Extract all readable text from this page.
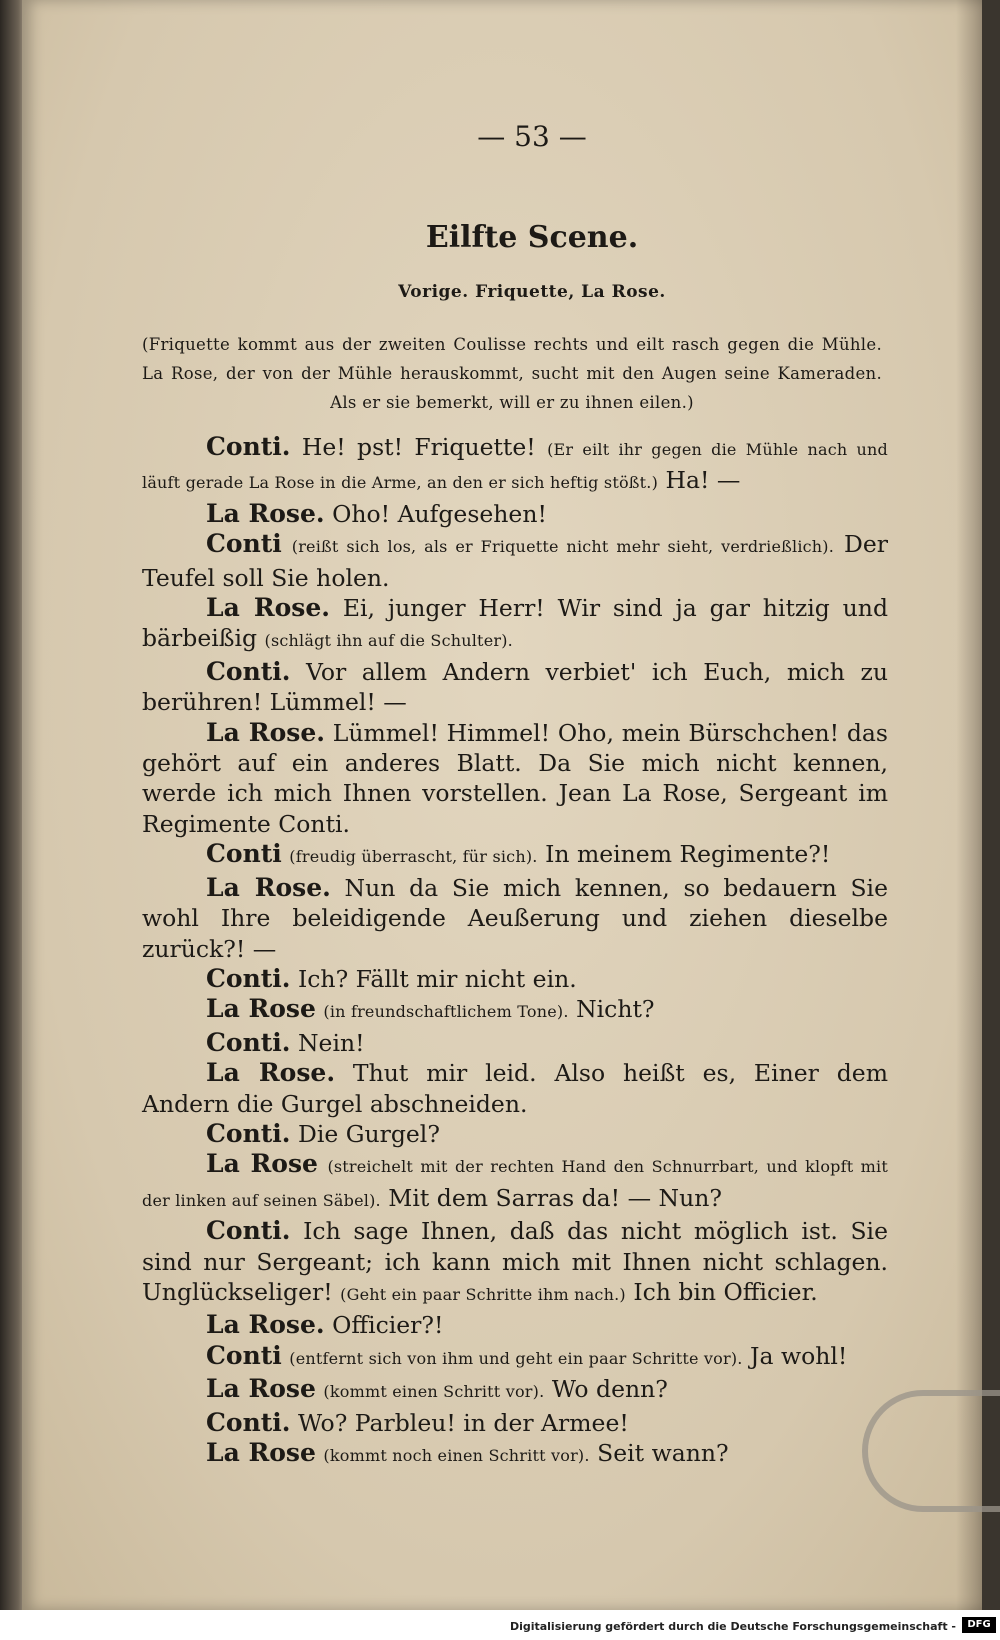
— 53 —
Eilfte Scene.
Vorige. Friquette, La Rose.
(Friquette kommt aus der zweiten Coulisse rechts und eilt rasch gegen die Mühle. La Rose, der von der Mühle herauskommt, sucht mit den Augen seine Kameraden. Als er sie bemerkt, will er zu ihnen eilen.)

Conti. He! pst! Friquette! (Er eilt ihr gegen die Mühle nach und läuft gerade La Rose in die Arme, an den er sich heftig stößt.) Ha! —

La Rose. Oho! Aufgesehen!

Conti (reißt sich los, als er Friquette nicht mehr sieht, verdrießlich). Der Teufel soll Sie holen.

La Rose. Ei, junger Herr! Wir sind ja gar hitzig und bärbeißig (schlägt ihn auf die Schulter).

Conti. Vor allem Andern verbiet' ich Euch, mich zu berühren! Lümmel! —

La Rose. Lümmel! Himmel! Oho, mein Bürschchen! das gehört auf ein anderes Blatt. Da Sie mich nicht kennen, werde ich mich Ihnen vorstellen. Jean La Rose, Sergeant im Regimente Conti.

Conti (freudig überrascht, für sich). In meinem Regimente?!

La Rose. Nun da Sie mich kennen, so bedauern Sie wohl Ihre beleidigende Aeußerung und ziehen dieselbe zurück?! —

Conti. Ich? Fällt mir nicht ein.

La Rose (in freundschaftlichem Tone). Nicht?

Conti. Nein!

La Rose. Thut mir leid. Also heißt es, Einer dem Andern die Gurgel abschneiden.

Conti. Die Gurgel?

La Rose (streichelt mit der rechten Hand den Schnurrbart, und klopft mit der linken auf seinen Säbel). Mit dem Sarras da! — Nun?

Conti. Ich sage Ihnen, daß das nicht möglich ist. Sie sind nur Sergeant; ich kann mich mit Ihnen nicht schlagen. Unglückseliger! (Geht ein paar Schritte ihm nach.) Ich bin Officier.

La Rose. Officier?!

Conti (entfernt sich von ihm und geht ein paar Schritte vor). Ja wohl!

La Rose (kommt einen Schritt vor). Wo denn?

Conti. Wo? Parbleu! in der Armee!

La Rose (kommt noch einen Schritt vor). Seit wann?

Digitalisierung gefördert durch die Deutsche Forschungsgemeinschaft -	DFG
